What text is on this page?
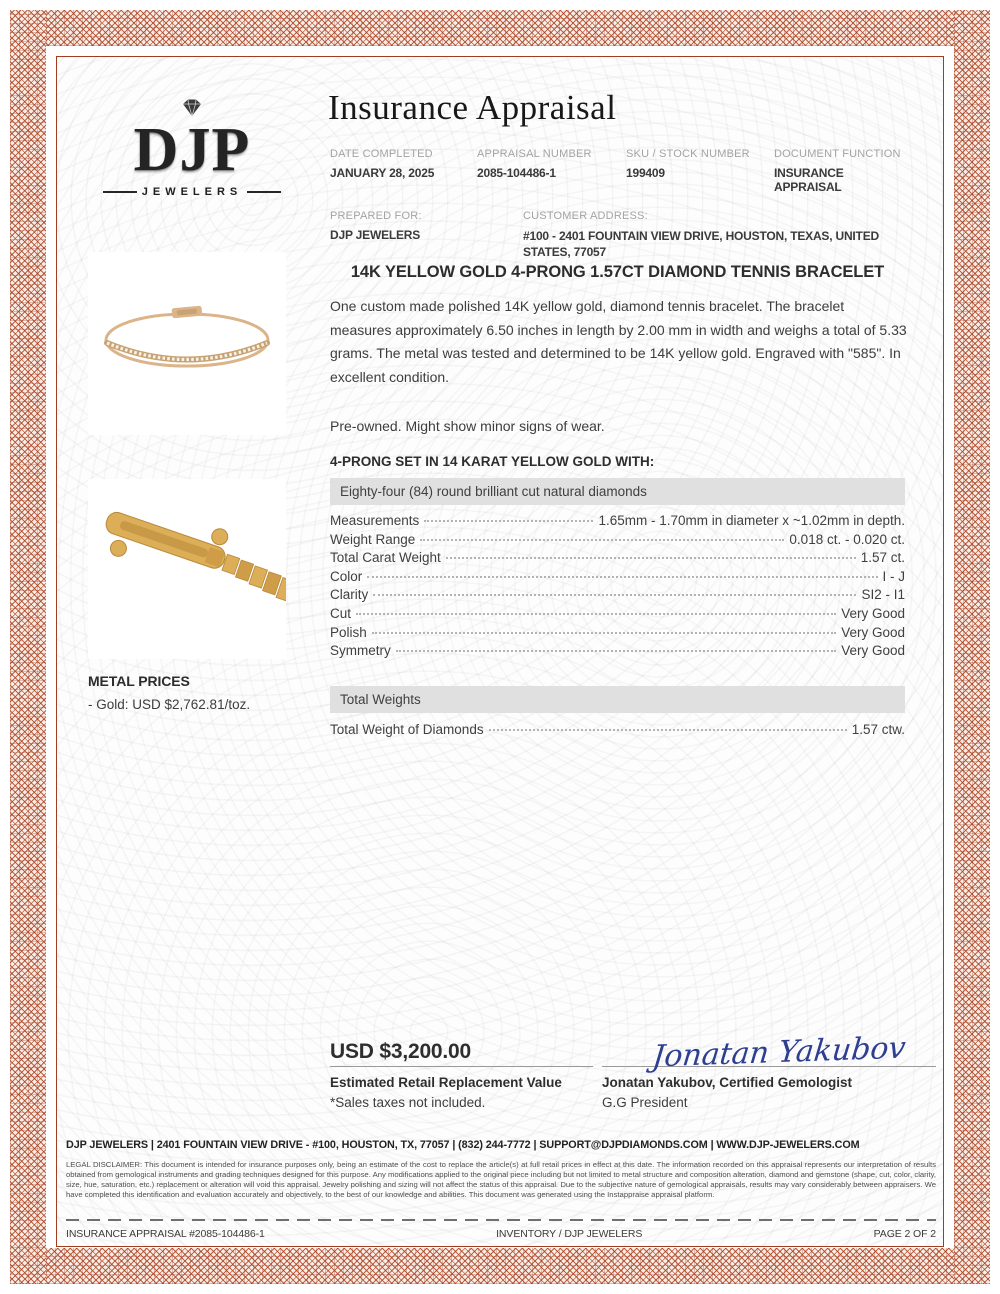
DJP
JEWELERS
Insurance Appraisal
DATE COMPLETED
JANUARY 28, 2025
APPRAISAL NUMBER
2085-104486-1
SKU / STOCK NUMBER
199409
DOCUMENT FUNCTION
INSURANCE APPRAISAL
PREPARED FOR:
DJP JEWELERS
CUSTOMER ADDRESS:
#100 - 2401 FOUNTAIN VIEW DRIVE, HOUSTON, TEXAS, UNITED STATES, 77057
METAL PRICES
- Gold: USD $2,762.81/toz.
14K YELLOW GOLD 4-PRONG 1.57CT DIAMOND TENNIS BRACELET
One custom made polished 14K yellow gold, diamond tennis bracelet. The bracelet measures approximately 6.50 inches in length by 2.00 mm in width and weighs a total of 5.33 grams. The metal was tested and determined to be 14K yellow gold. Engraved with "585". In excellent condition.
Pre-owned. Might show minor signs of wear.
4-PRONG SET IN 14 KARAT YELLOW GOLD WITH:
Eighty-four (84) round brilliant cut natural diamonds
Measurements	1.65mm - 1.70mm in diameter x ~1.02mm in depth.
Weight Range	0.018 ct. - 0.020 ct.
Total Carat Weight	1.57 ct.
Color	I - J
Clarity	SI2 - I1
Cut	Very Good
Polish	Very Good
Symmetry	Very Good
Total Weights
Total Weight of Diamonds	1.57 ctw.
USD $3,200.00
Estimated Retail Replacement Value
*Sales taxes not included.
Jonatan Yakubov
Jonatan Yakubov, Certified Gemologist
G.G President
DJP JEWELERS | 2401 FOUNTAIN VIEW DRIVE - #100, HOUSTON, TX, 77057 | (832) 244-7772 | SUPPORT@DJPDIAMONDS.COM | WWW.DJP-JEWELERS.COM
LEGAL DISCLAIMER: This document is intended for insurance purposes only, being an estimate of the cost to replace the article(s) at full retail prices in effect at this date. The information recorded on this appraisal represents our interpretation of results obtained from gemological instruments and grading techniques designed for this purpose. Any modifications applied to the original piece including but not limited to metal structure and composition alteration, diamond and gemstone (shape, cut, color, clarity, size, hue, saturation, etc.) replacement or alteration will void this appraisal. Jewelry polishing and sizing will not affect the status of this appraisal. Due to the subjective nature of gemological appraisals, results may vary considerably between appraisers. We have completed this identification and evaluation accurately and objectively, to the best of our knowledge and abilities. This document was generated using the Instappraise appraisal platform.
INSURANCE APPRAISAL #2085-104486-1	INVENTORY / DJP JEWELERS	PAGE 2 OF 2
